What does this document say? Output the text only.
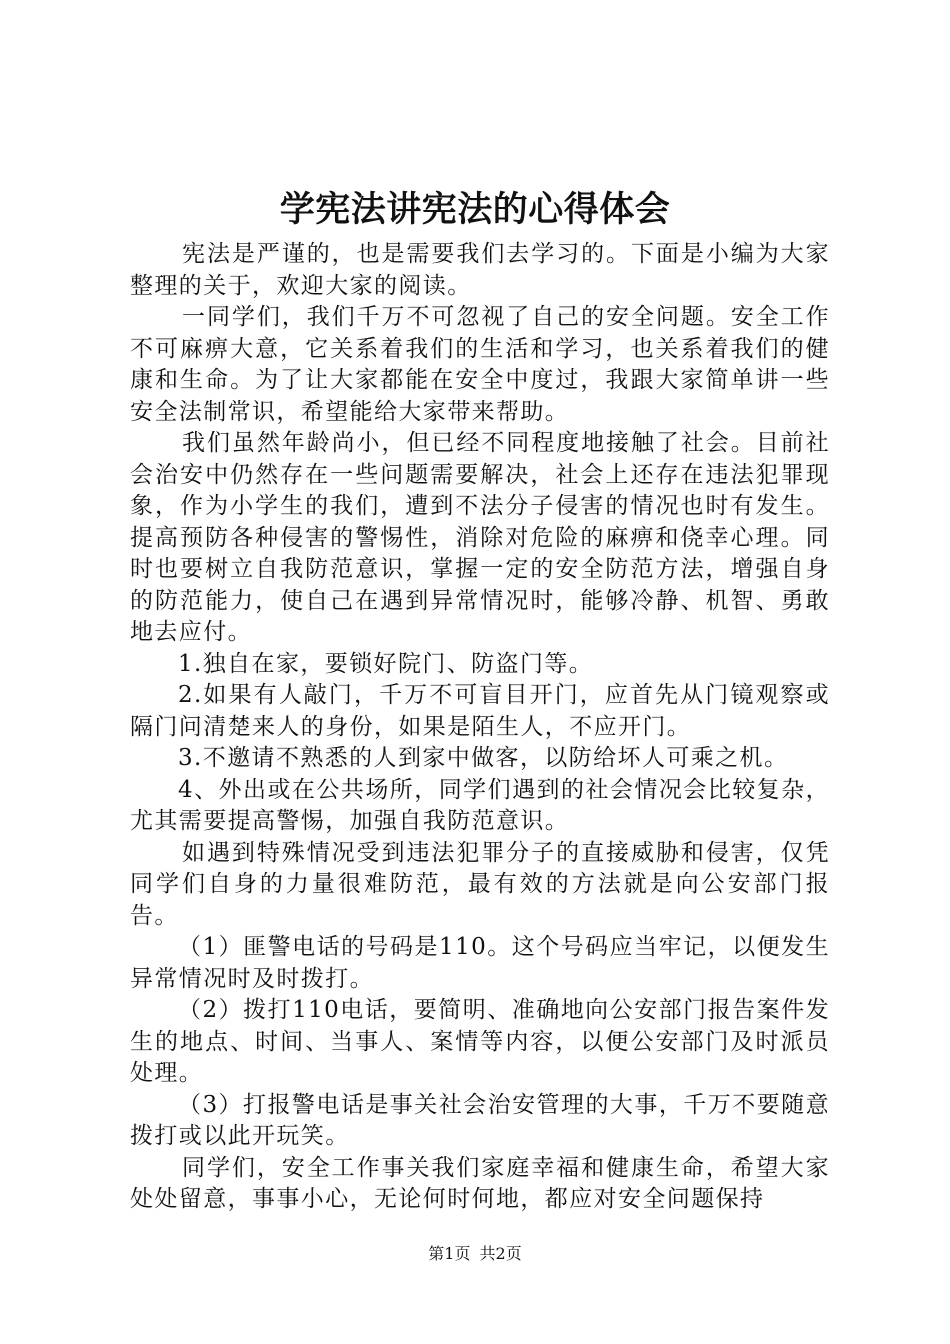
学宪法讲宪法的心得体会

宪法是严谨的，也是需要我们去学习的。下面是小编为大家整理的关于，欢迎大家的阅读。

一同学们，我们千万不可忽视了自己的安全问题。安全工作不可麻痹大意，它关系着我们的生活和学习，也关系着我们的健康和生命。为了让大家都能在安全中度过，我跟大家简单讲一些安全法制常识，希望能给大家带来帮助。

我们虽然年龄尚小，但已经不同程度地接触了社会。目前社会治安中仍然存在一些问题需要解决，社会上还存在违法犯罪现象，作为小学生的我们，遭到不法分子侵害的情况也时有发生。提高预防各种侵害的警惕性，消除对危险的麻痹和侥幸心理。同时也要树立自我防范意识，掌握一定的安全防范方法，增强自身的防范能力，使自己在遇到异常情况时，能够冷静、机智、勇敢地去应付。

1.独自在家，要锁好院门、防盗门等。

2.如果有人敲门，千万不可盲目开门，应首先从门镜观察或隔门问清楚来人的身份，如果是陌生人，不应开门。

3.不邀请不熟悉的人到家中做客，以防给坏人可乘之机。

4、外出或在公共场所，同学们遇到的社会情况会比较复杂，尤其需要提高警惕，加强自我防范意识。

如遇到特殊情况受到违法犯罪分子的直接威胁和侵害，仅凭同学们自身的力量很难防范，最有效的方法就是向公安部门报告。

（1）匪警电话的号码是110。这个号码应当牢记，以便发生异常情况时及时拨打。

（2）拨打110电话，要简明、准确地向公安部门报告案件发生的地点、时间、当事人、案情等内容，以便公安部门及时派员处理。

（3）打报警电话是事关社会治安管理的大事，千万不要随意拨打或以此开玩笑。

同学们，安全工作事关我们家庭幸福和健康生命，希望大家处处留意，事事小心，无论何时何地，都应对安全问题保持

第1页 共2页
